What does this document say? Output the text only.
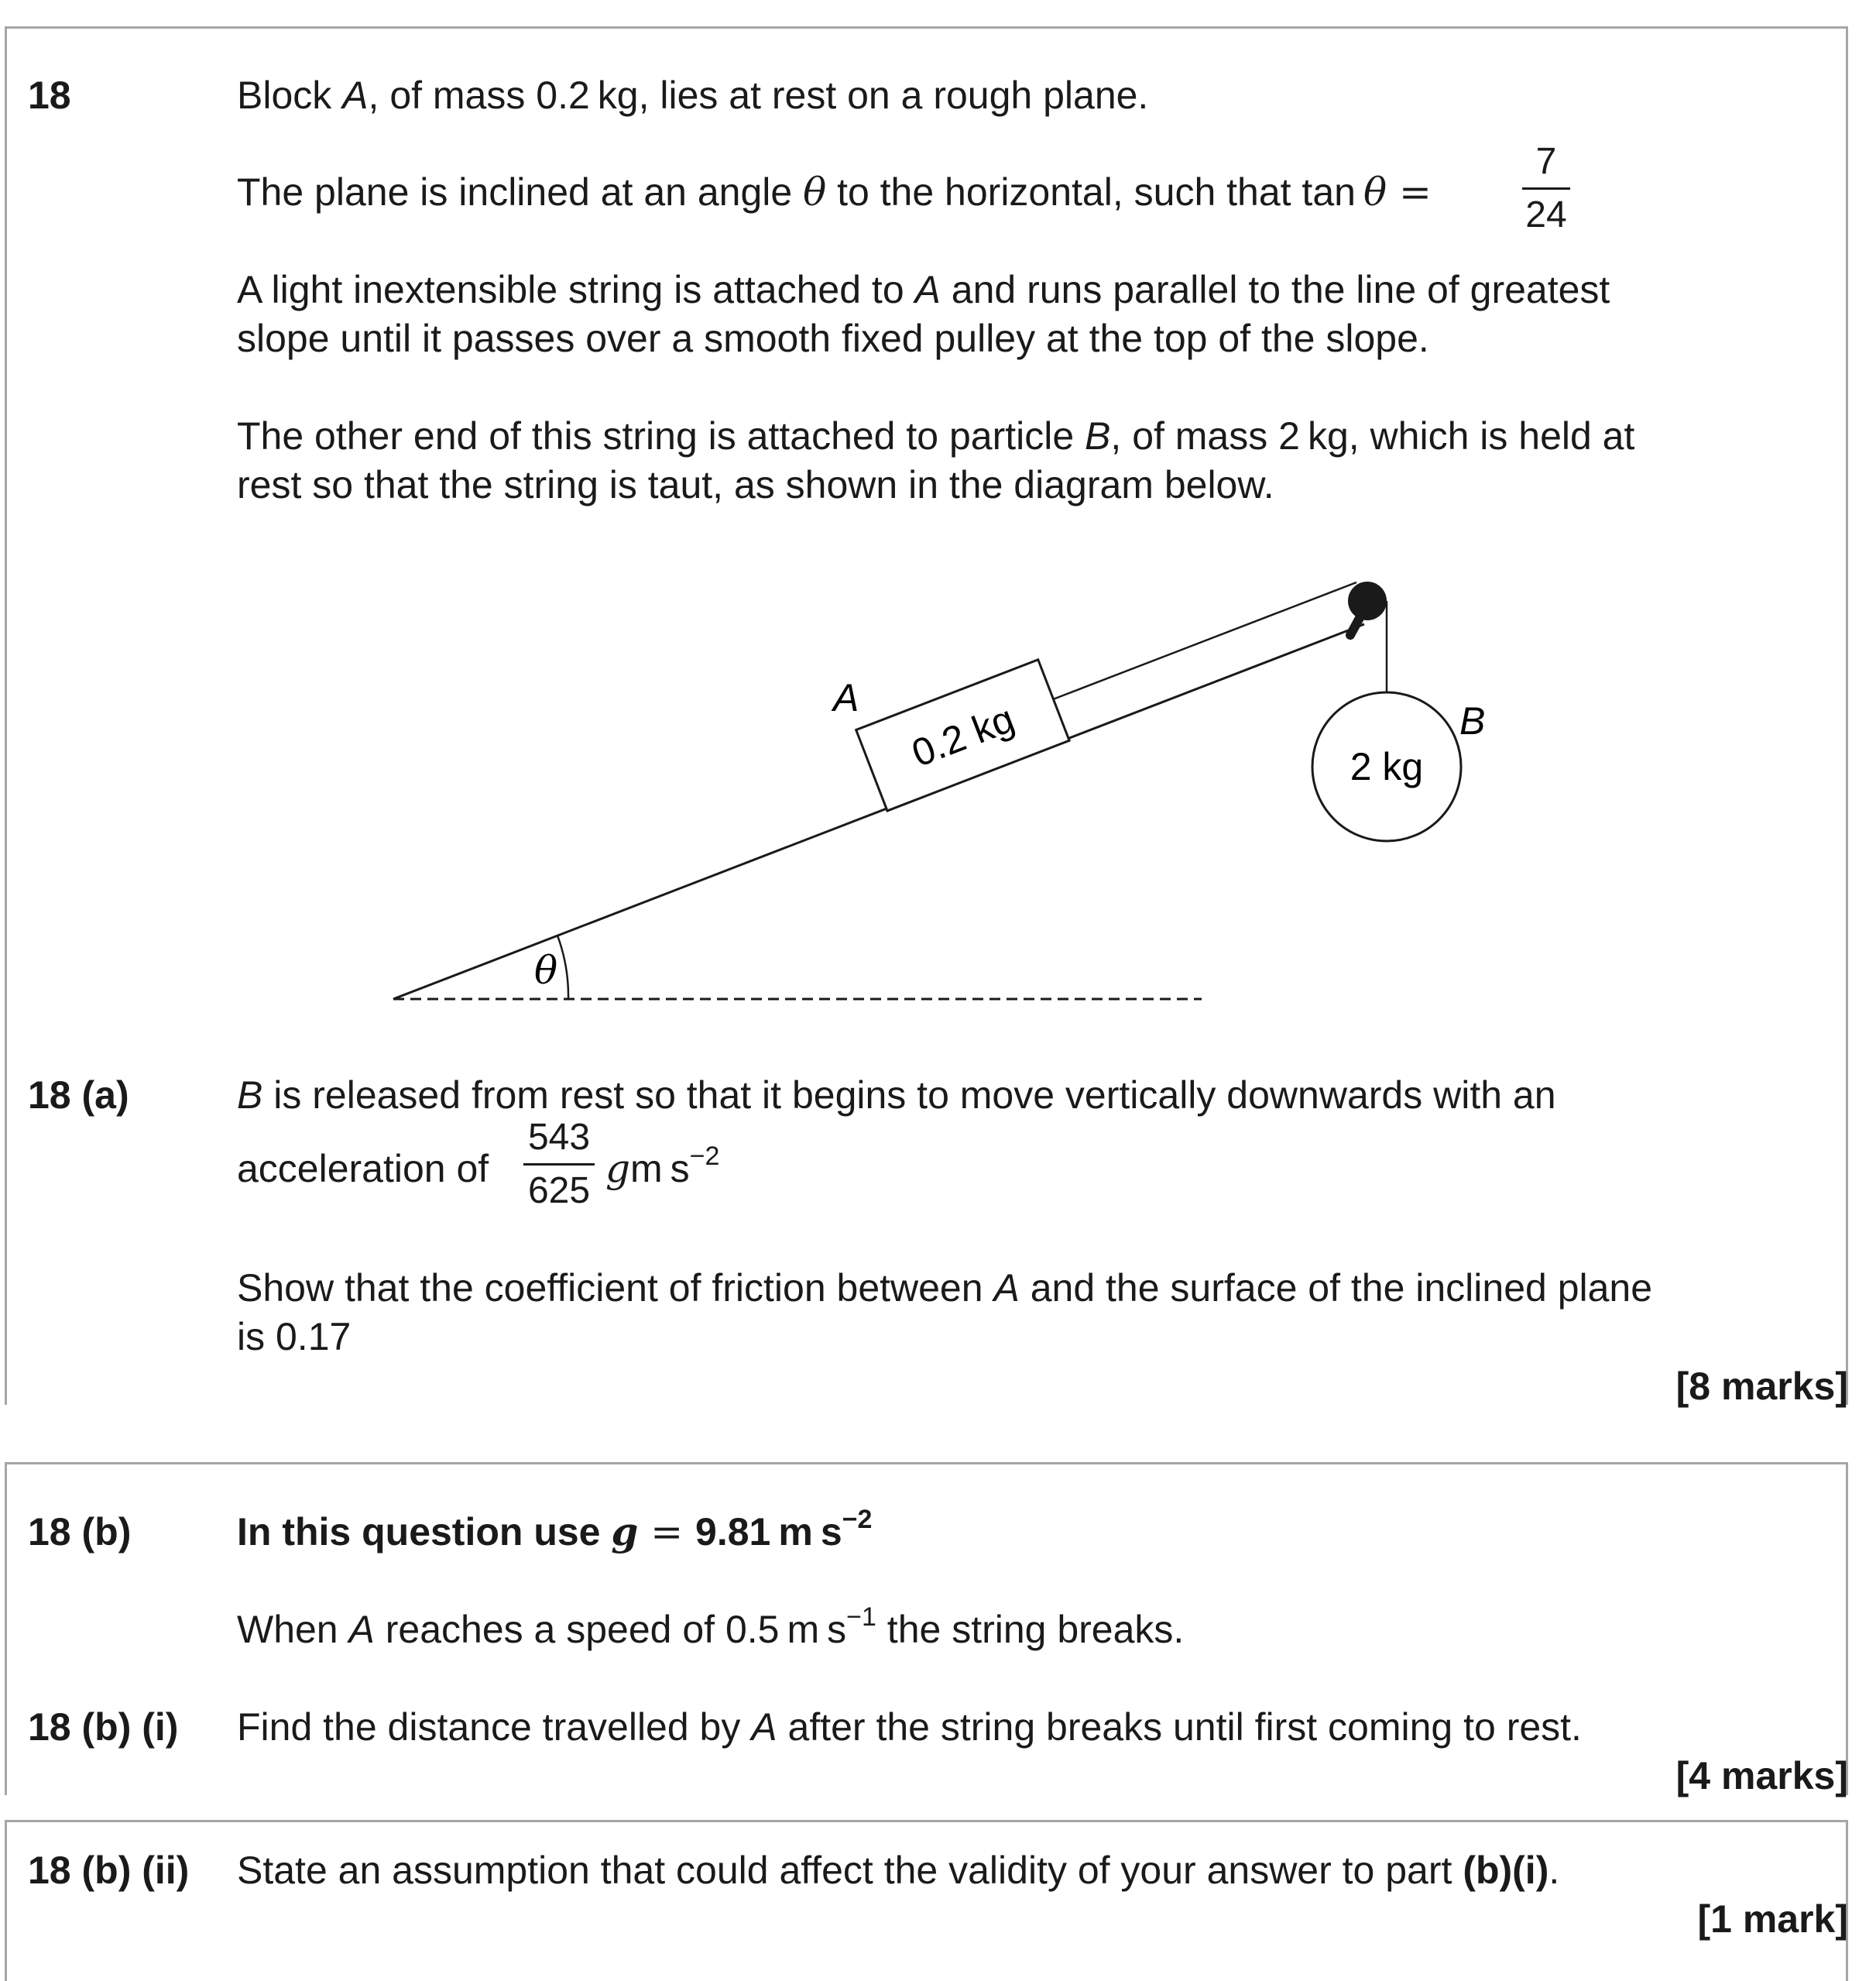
18	Block A, of mass 0.2 kg, lies at rest on a rough plane.
The plane is inclined at an angle θ to the horizontal, such that tan θ =
7
24
A light inextensible string is attached to A and runs parallel to the line of greatest
slope until it passes over a smooth fixed pulley at the top of the slope.
The other end of this string is attached to particle B, of mass 2 kg, which is held at
rest so that the string is taut, as shown in the diagram below.
θ
0.2 kg
A
2 kg
B
18 (a)	B is released from rest so that it begins to move vertically downwards with an
acceleration of
543
625 gm $s^{-2}$
Show that the coefficient of friction between A and the surface of the inclined plane
is 0.17
[8 marks]
18 (b)	In this question use g = 9.81 m $s^{-2}$
When A reaches a speed of 0.5 m $s^{-1}$ the string breaks.
18 (b) (i) Find the distance travelled by A after the string breaks until first coming to rest.
[4 marks]
18 (b) (ii) State an assumption that could affect the validity of your answer to part (b)(i).
[1 mark]
